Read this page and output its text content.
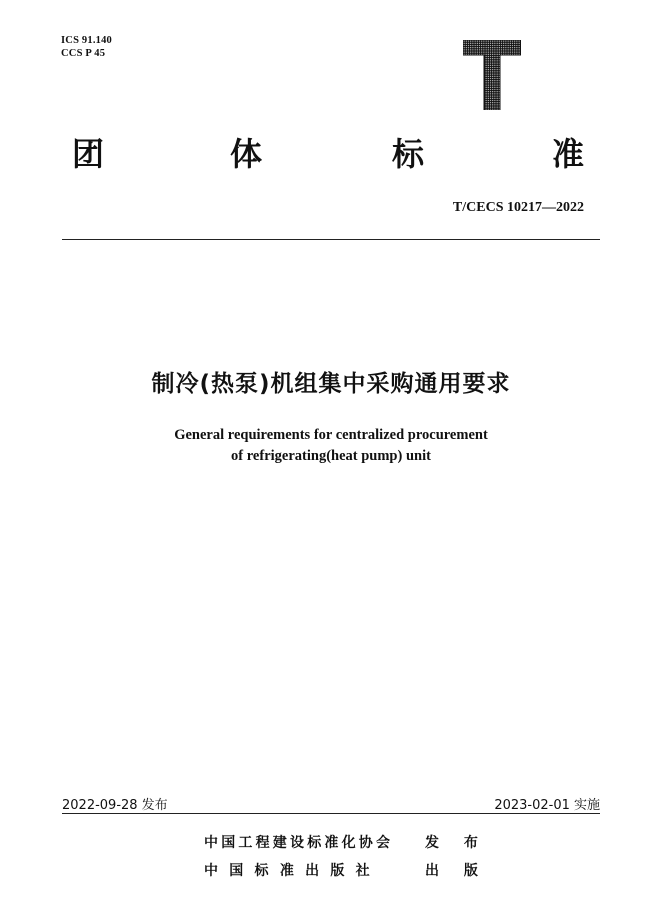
ICS 91.140
CCS P 45
团	体	标	准
T/CECS 10217—2022
制冷(热泵)机组集中采购通用要求
General requirements for centralized procurement
of refrigerating(heat pump) unit
2022-09-28 发布	2023-02-01 实施
中国工程建设标准化协会 发 布
中 国 标 准 出 版 社	出 版
